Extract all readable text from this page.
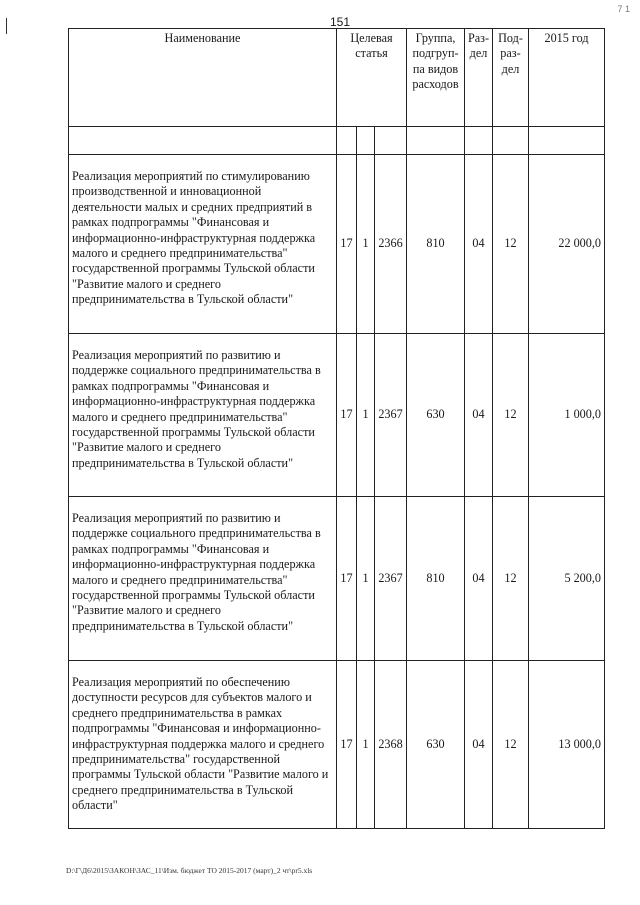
7 1
151
Наименование	Целевая статья			Группа, подгруп-па видов расходов	Раз-дел	Под-раз-дел	2015 год

Реализация мероприятий по стимулированию производственной и инновационной деятельности малых и средних предприятий в рамках подпрограммы "Финансовая и информационно-инфраструктурная поддержка малого и среднего предпринимательства" государственной программы Тульской области "Развитие малого и среднего предпринимательства в Тульской области"	17	1	2366	810	04	12	22 000,0
Реализация мероприятий по развитию и поддержке социального предпринимательства в рамках подпрограммы "Финансовая и информационно-инфраструктурная поддержка малого и среднего предпринимательства" государственной программы Тульской области "Развитие малого и среднего предпринимательства в Тульской области"	17	1	2367	630	04	12	1 000,0
Реализация мероприятий по развитию и поддержке социального предпринимательства в рамках подпрограммы "Финансовая и информационно-инфраструктурная поддержка малого и среднего предпринимательства" государственной программы Тульской области "Развитие малого и среднего предпринимательства в Тульской области"	17	1	2367	810	04	12	5 200,0
Реализация мероприятий по обеспечению доступности ресурсов для субъектов малого и среднего предпринимательства в рамках подпрограммы "Финансовая и информационно-инфраструктурная поддержка малого и среднего предпринимательства" государственной программы Тульской области "Развитие малого и среднего предпринимательства в Тульской области"	17	1	2368	630	04	12	13 000,0
D:\Г\Д6\2015\ЗАКОН\ЗАС_11\Изм. бюджет ТО 2015-2017 (март)_2 чт\pr5.xls
